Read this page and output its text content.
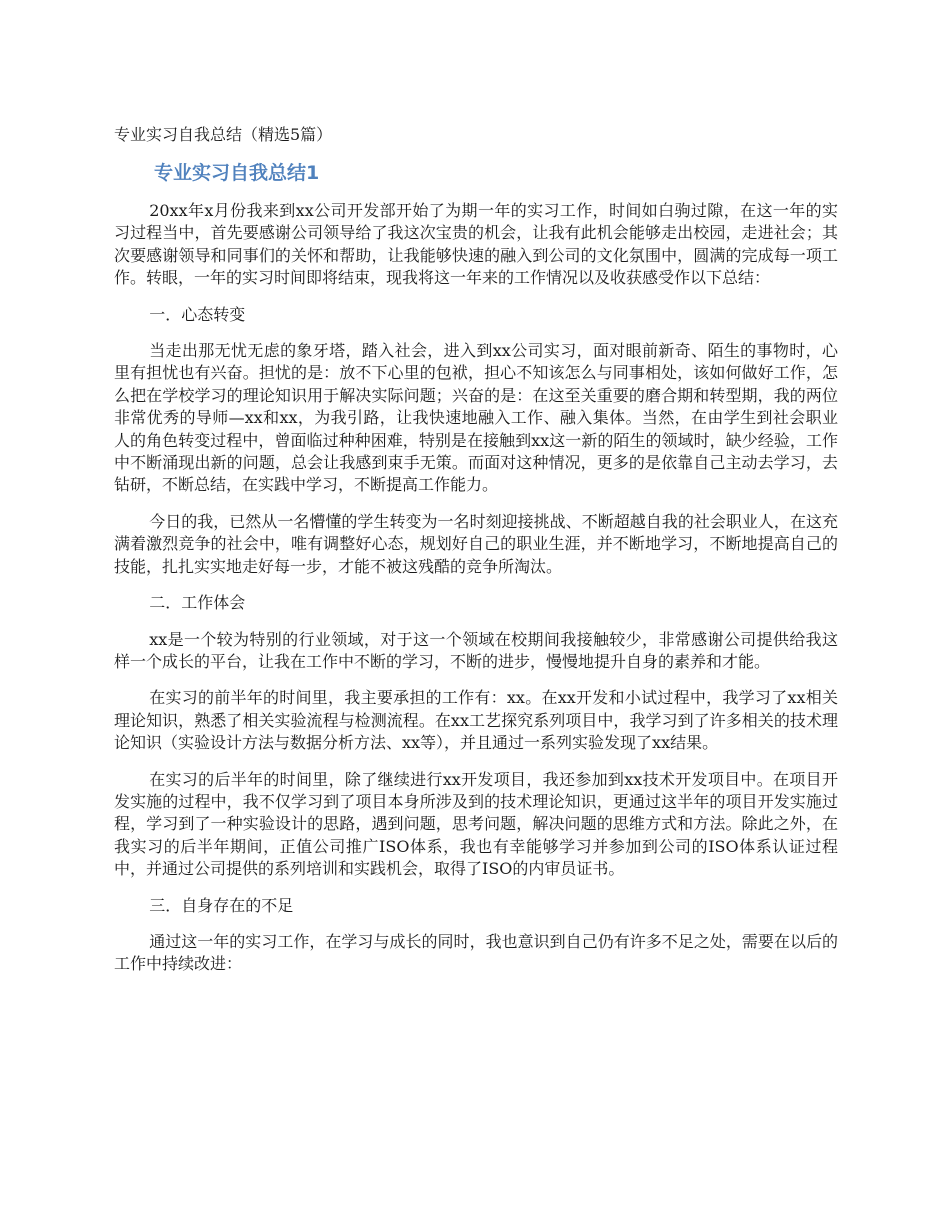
专业实习自我总结（精选5篇）
专业实习自我总结1

20xx年x月份我来到xx公司开发部开始了为期一年的实习工作，时间如白驹过隙，在这一年的实习过程当中，首先要感谢公司领导给了我这次宝贵的机会，让我有此机会能够走出校园，走进社会；其次要感谢领导和同事们的关怀和帮助，让我能够快速的融入到公司的文化氛围中，圆满的完成每一项工作。转眼，一年的实习时间即将结束，现我将这一年来的工作情况以及收获感受作以下总结：

一．心态转变

当走出那无忧无虑的象牙塔，踏入社会，进入到xx公司实习，面对眼前新奇、陌生的事物时，心里有担忧也有兴奋。担忧的是：放不下心里的包袱，担心不知该怎么与同事相处，该如何做好工作，怎么把在学校学习的理论知识用于解决实际问题；兴奋的是：在这至关重要的磨合期和转型期，我的两位非常优秀的导师—xx和xx，为我引路，让我快速地融入工作、融入集体。当然，在由学生到社会职业人的角色转变过程中，曾面临过种种困难，特别是在接触到xx这一新的陌生的领域时，缺少经验，工作中不断涌现出新的问题，总会让我感到束手无策。而面对这种情况，更多的是依靠自己主动去学习，去钻研，不断总结，在实践中学习，不断提高工作能力。

今日的我，已然从一名懵懂的学生转变为一名时刻迎接挑战、不断超越自我的社会职业人，在这充满着激烈竞争的社会中，唯有调整好心态，规划好自己的职业生涯，并不断地学习，不断地提高自己的技能，扎扎实实地走好每一步，才能不被这残酷的竞争所淘汰。

二．工作体会

xx是一个较为特别的行业领域，对于这一个领域在校期间我接触较少，非常感谢公司提供给我这样一个成长的平台，让我在工作中不断的学习，不断的进步，慢慢地提升自身的素养和才能。

在实习的前半年的时间里，我主要承担的工作有：xx。在xx开发和小试过程中，我学习了xx相关理论知识，熟悉了相关实验流程与检测流程。在xx工艺探究系列项目中，我学习到了许多相关的技术理论知识（实验设计方法与数据分析方法、xx等），并且通过一系列实验发现了xx结果。

在实习的后半年的时间里，除了继续进行xx开发项目，我还参加到xx技术开发项目中。在项目开发实施的过程中，我不仅学习到了项目本身所涉及到的技术理论知识，更通过这半年的项目开发实施过程，学习到了一种实验设计的思路，遇到问题，思考问题，解决问题的思维方式和方法。除此之外，在我实习的后半年期间，正值公司推广ISO体系，我也有幸能够学习并参加到公司的ISO体系认证过程中，并通过公司提供的系列培训和实践机会，取得了ISO的内审员证书。

三．自身存在的不足

通过这一年的实习工作，在学习与成长的同时，我也意识到自己仍有许多不足之处，需要在以后的工作中持续改进：
